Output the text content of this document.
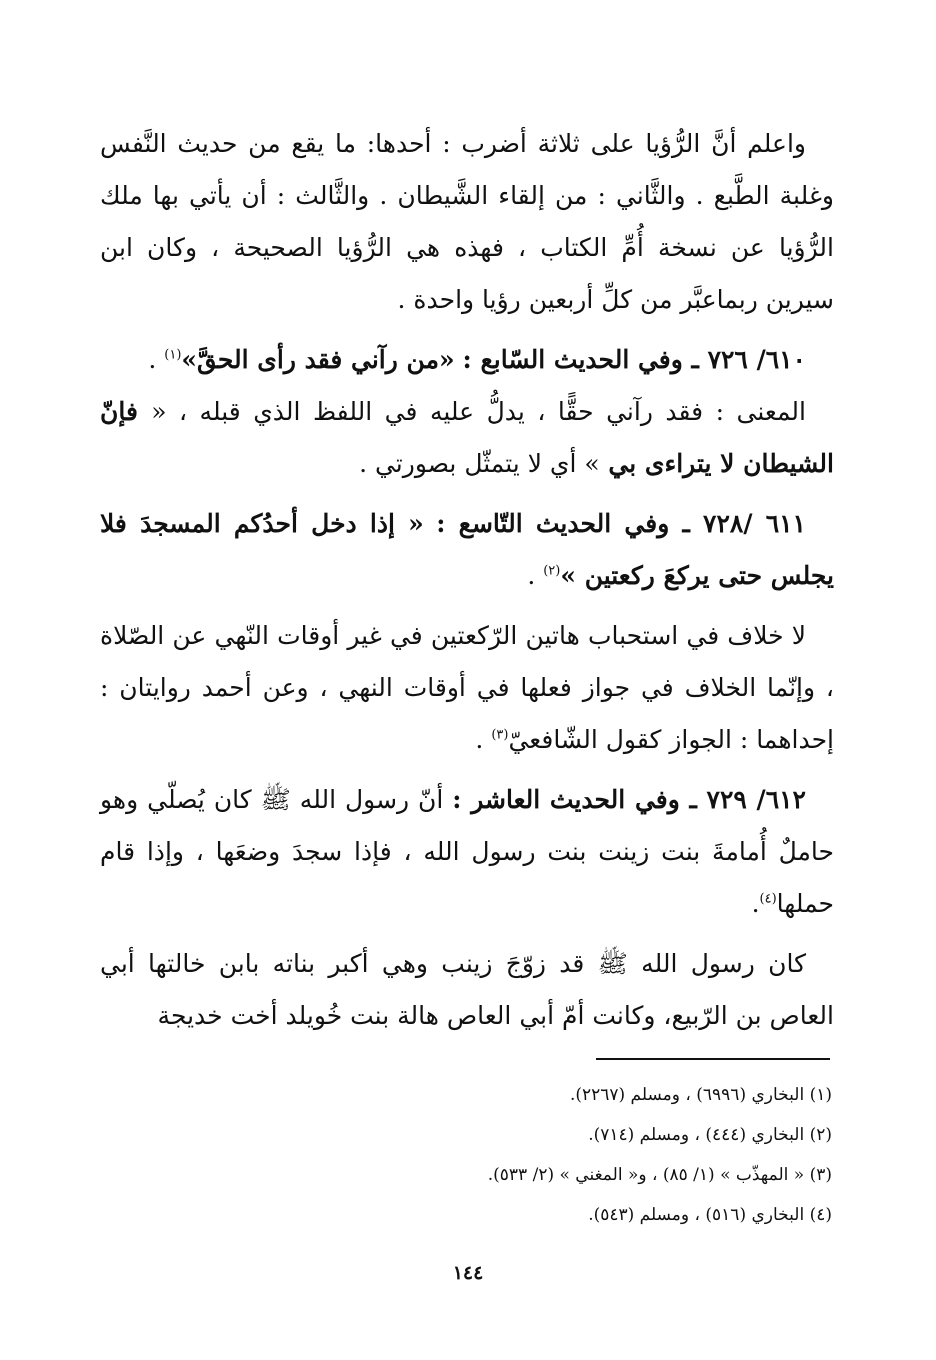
واعلم أنَّ الرُّؤيا على ثلاثة أضرب : أحدها: ما يقع من حديث النَّفس وغلبة الطَّبع . والثَّاني : من إلقاء الشَّيطان . والثَّالث : أن يأتي بها ملك الرُّؤيا عن نسخة أُمِّ الكتاب ، فهذه هي الرُّؤيا الصحيحة ، وكان ابن سيرين ربماعبَّر من كلِّ أربعين رؤيا واحدة .

٦١٠/ ٧٢٦ ـ وفي الحديث السّابع : «من رآني فقد رأى الحقَّ»$^{(١)}$ .

المعنى : فقد رآني حقًّا ، يدلُّ عليه في اللفظ الذي قبله ، « فإنّ الشيطان لا يتراءى بي » أي لا يتمثّل بصورتي .

٦١١ /٧٢٨ ـ وفي الحديث التّاسع : « إذا دخل أحدُكم المسجدَ فلا يجلس حتى يركعَ ركعتين »$^{(٢)}$ .

لا خلاف في استحباب هاتين الرّكعتين في غير أوقات النّهي عن الصّلاة ، وإنّما الخلاف في جواز فعلها في أوقات النهي ، وعن أحمد روايتان : إحداهما : الجواز كقول الشّافعيّ$^{(٣)}$ .

٦١٢/ ٧٢٩ ـ وفي الحديث العاشر : أنّ رسول الله ﷺ كان يُصلّي وهو حاملٌ أُمامةَ بنت زينت بنت رسول الله ، فإذا سجدَ وضعَها ، وإذا قام حملها$^{(٤)}$.

كان رسول الله ﷺ قد زوّجَ زينب وهي أكبر بناته بابن خالتها أبي العاص بن الرّبيع، وكانت أمّ أبي العاص هالة بنت خُويلد أخت خديجة

(١) البخاري (٦٩٩٦) ، ومسلم (٢٢٦٧).
(٢) البخاري (٤٤٤) ، ومسلم (٧١٤).
(٣) « المهذّب » (١/ ٨٥) ، و« المغني » (٢/ ٥٣٣).
(٤) البخاري (٥١٦) ، ومسلم (٥٤٣).
١٤٤
